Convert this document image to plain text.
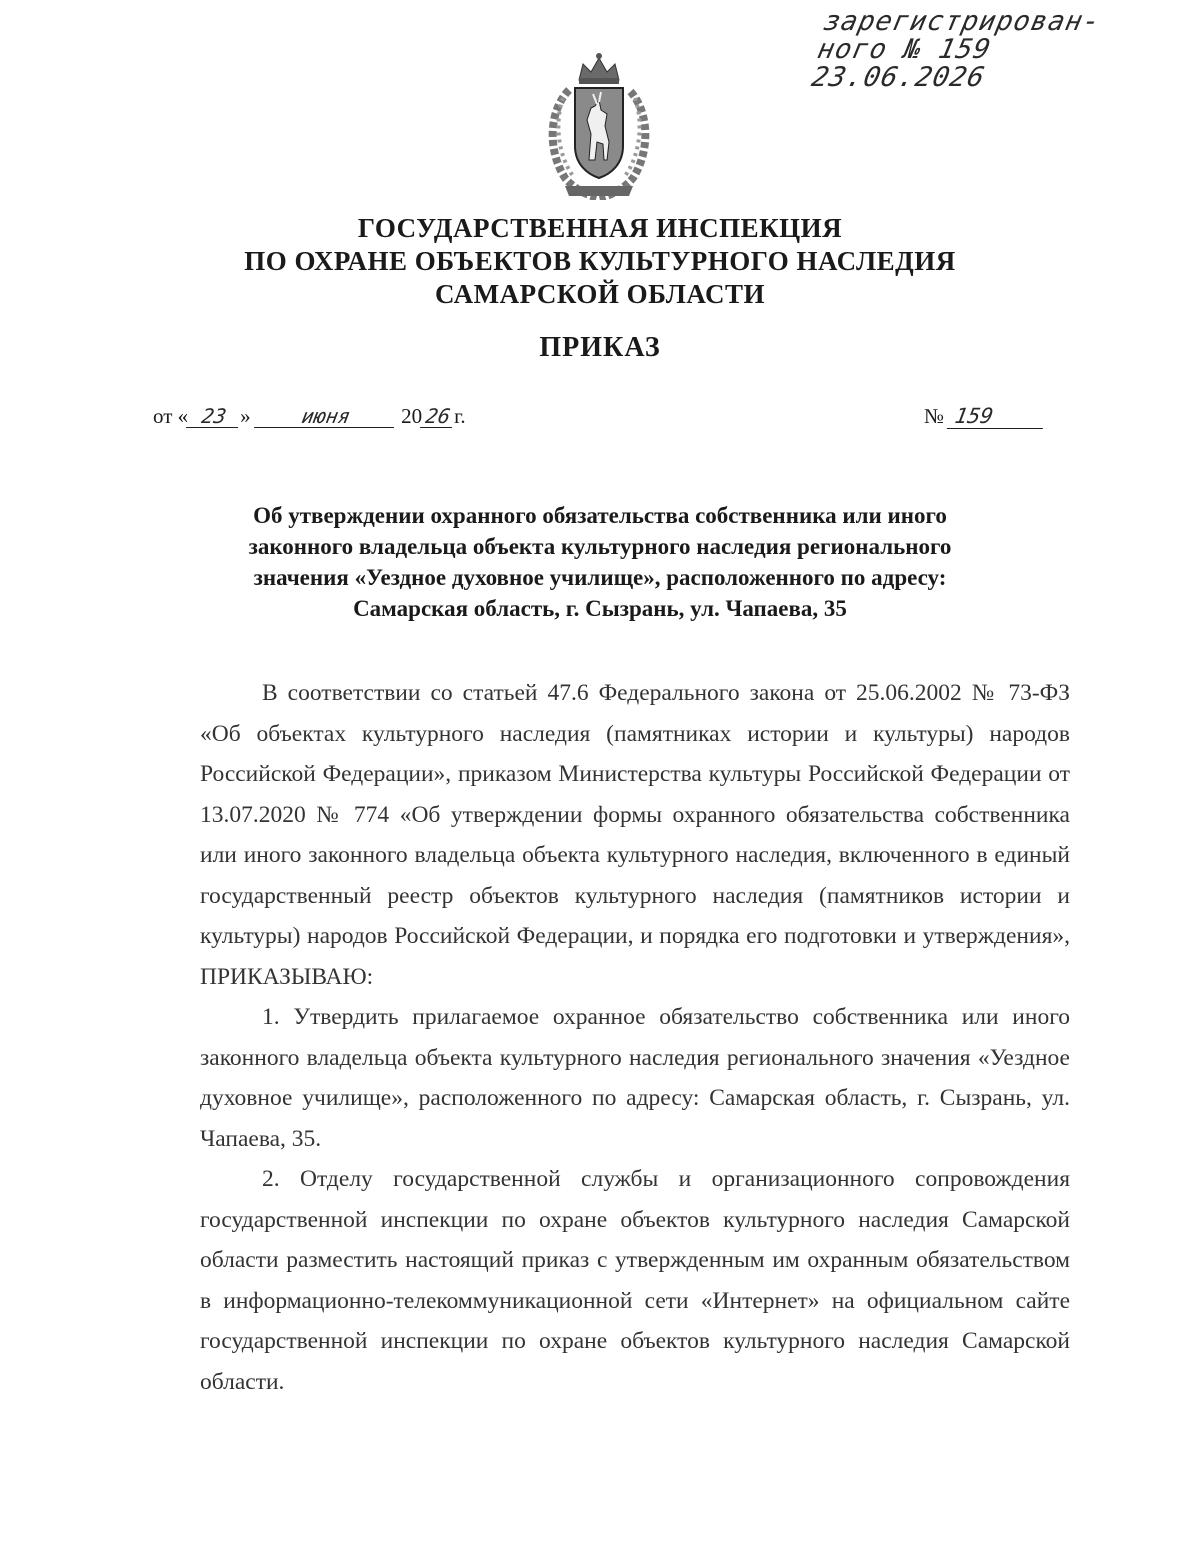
зарегистрирован-
ного № 159
23.06.2026
ГОСУДАРСТВЕННАЯ ИНСПЕКЦИЯ
ПО ОХРАНЕ ОБЪЕКТОВ КУЛЬТУРНОГО НАСЛЕДИЯ
САМАРСКОЙ ОБЛАСТИ
ПРИКАЗ
от « 23 » июня 2026г.	№ 159
Об утверждении охранного обязательства собственника или иного
законного владельца объекта культурного наследия регионального
значения «Уездное духовное училище», расположенного по адресу:
Самарская область, г. Сызрань, ул. Чапаева, 35

В соответствии со статьей 47.6 Федерального закона от 25.06.2002 № 73-ФЗ «Об объектах культурного наследия (памятниках истории и культуры) народов Российской Федерации», приказом Министерства культуры Российской Федерации от 13.07.2020 № 774 «Об утверждении формы охранного обязательства собственника или иного законного владельца объекта культурного наследия, включенного в единый государственный реестр объектов культурного наследия (памятников истории и культуры) народов Российской Федерации, и порядка его подготовки и утверждения», ПРИКАЗЫВАЮ:

1. Утвердить прилагаемое охранное обязательство собственника или иного законного владельца объекта культурного наследия регионального значения «Уездное духовное училище», расположенного по адресу: Самарская область, г. Сызрань, ул. Чапаева, 35.

2. Отделу государственной службы и организационного сопровождения государственной инспекции по охране объектов культурного наследия Самарской области разместить настоящий приказ с утвержденным им охранным обязательством в информационно-телекоммуникационной сети «Интернет» на официальном сайте государственной инспекции по охране объектов культурного наследия Самарской области.
